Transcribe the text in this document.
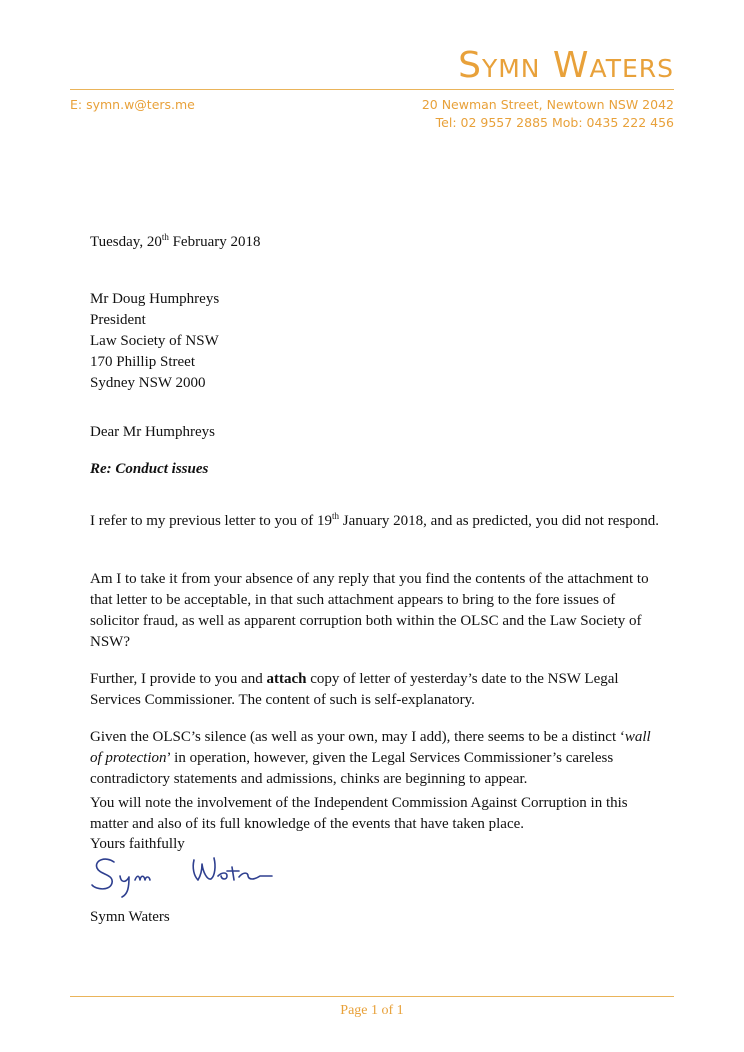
Symn Waters
E: symn.w@ters.me	20 Newman Street, Newtown NSW 2042
Tel: 02 9557 2885 Mob: 0435 222 456
Tuesday, 20th February 2018
Mr Doug Humphreys
President
Law Society of NSW
170 Phillip Street
Sydney NSW 2000
Dear Mr Humphreys
Re: Conduct issues

I refer to my previous letter to you of 19th January 2018, and as predicted, you did not respond.

Am I to take it from your absence of any reply that you find the contents of the attachment to that letter to be acceptable, in that such attachment appears to bring to the fore issues of solicitor fraud, as well as apparent corruption both within the OLSC and the Law Society of NSW?

Further, I provide to you and attach copy of letter of yesterday’s date to the NSW Legal Services Commissioner. The content of such is self-explanatory.

Given the OLSC’s silence (as well as your own, may I add), there seems to be a distinct ‘wall of protection’ in operation, however, given the Legal Services Commissioner’s careless contradictory statements and admissions, chinks are beginning to appear.

You will note the involvement of the Independent Commission Against Corruption in this matter and also of its full knowledge of the events that have taken place.

Yours faithfully
Symn Waters
Page 1 of 1
